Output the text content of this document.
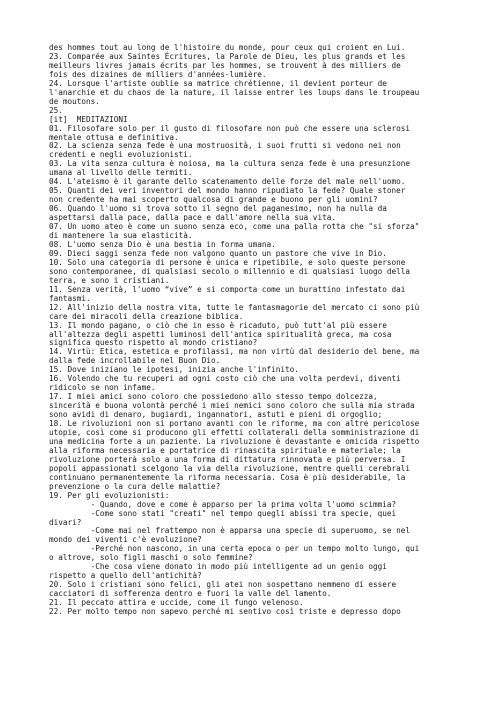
des hommes tout au long de l'histoire du monde, pour ceux qui croient en Lui.
23. Comparée aux Saintes Écritures, la Parole de Dieu, les plus grands et les
meilleurs livres jamais écrits par les hommes, se trouvent à des milliers de
fois des dizaines de milliers d'années-lumière.
24. Lorsque l'artiste oublie sa matrice chrétienne, il devient porteur de
l'anarchie et du chaos de la nature, il laisse entrer les loups dans le troupeau
de moutons.
25.
[it]  MEDITAZIONI
01. Filosofare solo per il gusto di filosofare non può che essere una sclerosi
mentale ottusa e definitiva.
02. La scienza senza fede è una mostruosità, i suoi frutti si vedono nei non
credenti e negli evoluzionisti.
03. La vita senza cultura è noiosa, ma la cultura senza fede è una presunzione
umana al livello delle termiti.
04. L'ateismo è il garante dello scatenamento delle forze del male nell'uomo.
05. Quanti dei veri inventori del mondo hanno ripudiato la fede? Quale stoner
non credente ha mai scoperto qualcosa di grande e buono per gli uomini?
06. Quando l'uomo si trova sotto il segno del paganesimo, non ha nulla da
aspettarsi dalla pace, dalla pace e dall'amore nella sua vita.
07. Un uomo ateo è come un suono senza eco, come una palla rotta che "si sforza"
di mantenere la sua elasticità.
08. L'uomo senza Dio è una bestia in forma umana.
09. Dieci saggi senza fede non valgono quanto un pastore che vive in Dio.
10. Solo una categoria di persone è unica e ripetibile, e solo queste persone
sono contemporanee, di qualsiasi secolo o millennio e di qualsiasi luogo della
terra, e sono i cristiani.
11. Senza verità, l'uomo “vive” e si comporta come un burattino infestato dai
fantasmi.
12. All'inizio della nostra vita, tutte le fantasmagorie del mercato ci sono più
care dei miracoli della creazione biblica.
13. Il mondo pagano, o ciò che in esso è ricaduto, può tutt'al più essere
all'altezza degli aspetti luminosi dell'antica spiritualità greca, ma cosa
significa questo rispetto al mondo cristiano?
14. Virtù: Etica, estetica e profilassi, ma non virtù dal desiderio del bene, ma
dalla fede incrollabile nel Buon Dio.
15. Dove iniziano le ipotesi, inizia anche l'infinito.
16. Volendo che tu recuperi ad ogni costo ciò che una volta perdevi, diventi
ridicolo se non infame.
17. I miei amici sono coloro che possiedono allo stesso tempo dolcezza,
sincerità e buona volontà perché i miei nemici sono coloro che sulla mia strada
sono avidi di denaro, bugiardi, ingannatori, astuti e pieni di orgoglio;
18. Le rivoluzioni non si portano avanti con le riforme, ma con altre pericolose
utopie, così come si producono gli effetti collaterali della somministrazione di
una medicina forte a un paziente. La rivoluzione è devastante e omicida rispetto
alla riforma necessaria e portatrice di rinascita spirituale e materiale; la
rivoluzione porterà solo a una forma di dittatura rinnovata e più perversa. I
popoli appassionati scelgono la via della rivoluzione, mentre quelli cerebrali
continuano permanentemente la riforma necessaria. Cosa è più desiderabile, la
prevenzione o la cura delle malattie?
19. Per gli evoluzionisti:
- Quando, dove e come è apparso per la prima volta l'uomo scimmia?
-Come sono stati "creati" nel tempo quegli abissi tra specie, quei
divari?
-Come mai nel frattempo non è apparsa una specie di superuomo, se nel
mondo dei viventi c'è evoluzione?
-Perché non nascono, in una certa epoca o per un tempo molto lungo, qui
o altrove, solo figli maschi o solo femmine?
-Che cosa viene donato in modo più intelligente ad un genio oggi
rispetto a quello dell'antichità?
20. Solo i cristiani sono felici, gli atei non sospettano nemmeno di essere
cacciatori di sofferenza dentro e fuori la valle del lamento.
21. Il peccato attira e uccide, come il fungo velenoso.
22. Per molto tempo non sapevo perché mi sentivo così triste e depresso dopo
